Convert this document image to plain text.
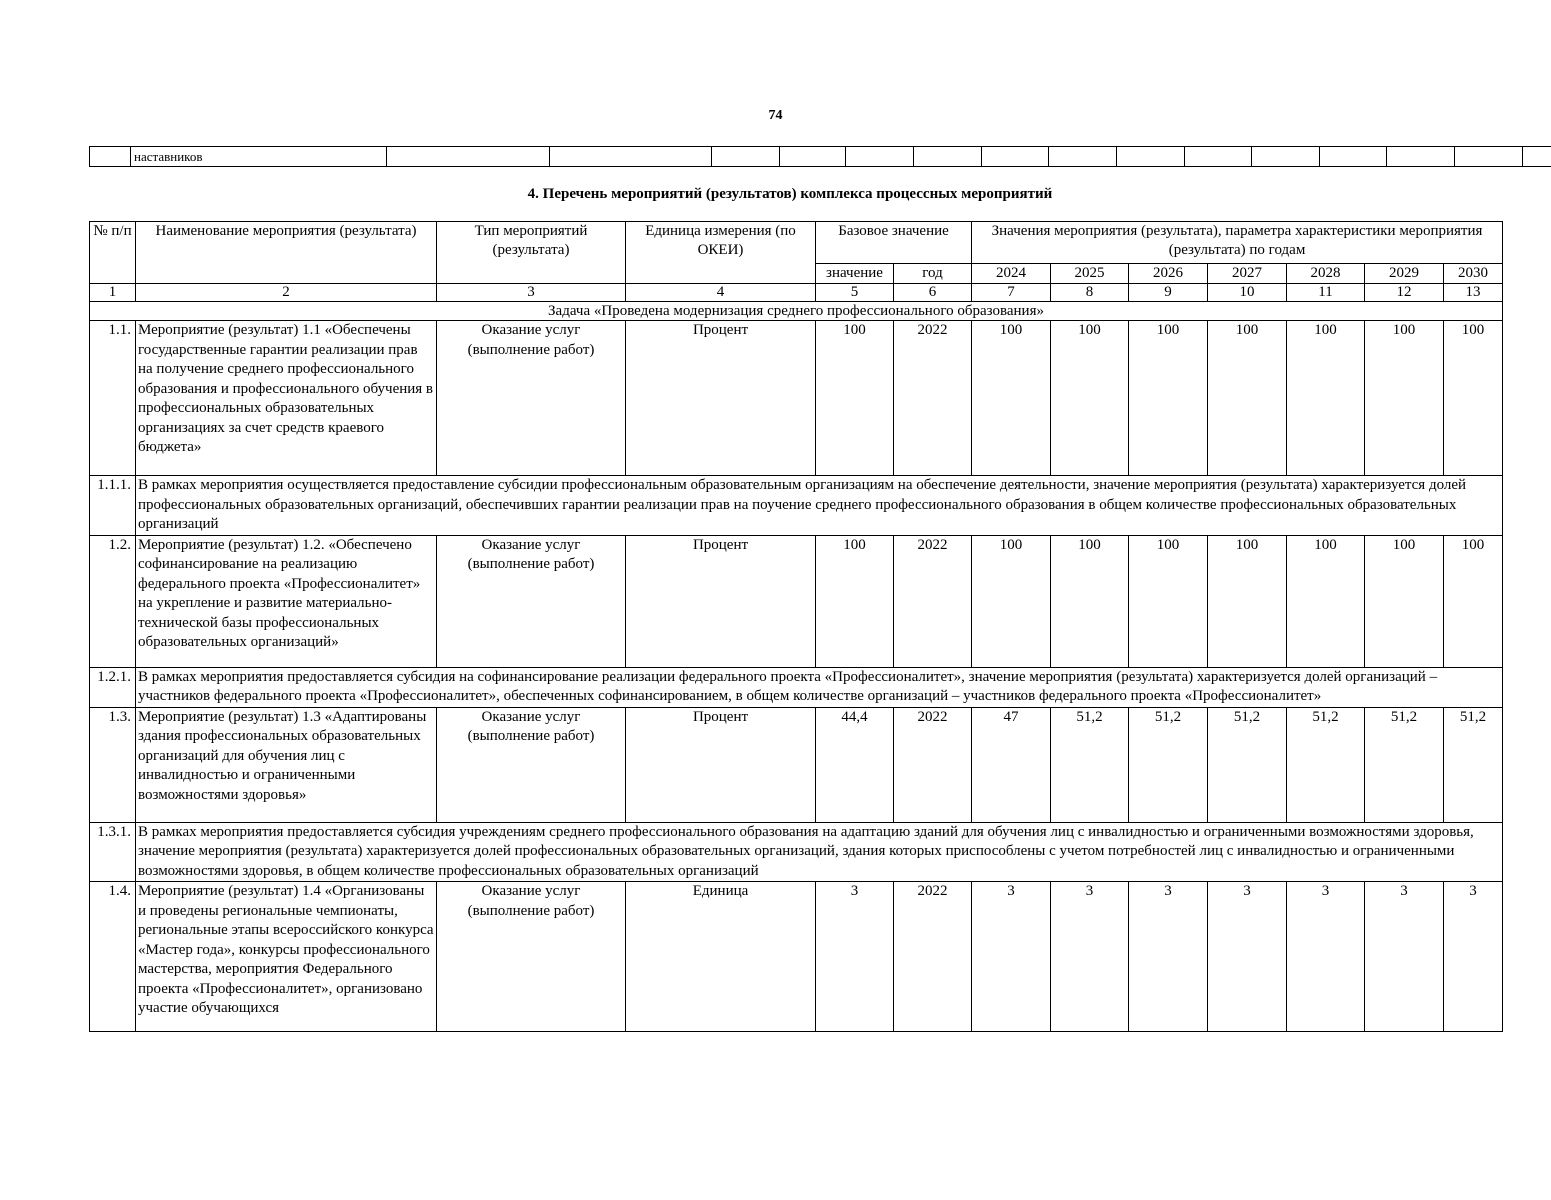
74
	наставников															
4. Перечень мероприятий (результатов) комплекса процессных мероприятий
№ п/п	Наименование мероприятия (результата)	Тип мероприятий (результата)	Единица измерения (по ОКЕИ)	Базовое значение		Значения мероприятия (результата), параметра характеристики мероприятия (результата) по годам						
				значение	год	2024	2025	2026	2027	2028	2029	2030
1	2	3	4	5	6	7	8	9	10	11	12	13
Задача «Проведена модернизация среднего профессионального образования»												
1.1.	Мероприятие (результат) 1.1 «Обеспечены государственные гарантии реализации прав на получение среднего профессионального образования и профессионального обучения в профессиональных образовательных организациях за счет средств краевого бюджета»	Оказание услуг (выполнение работ)	Процент	100	2022	100	100	100	100	100	100	100
1.1.1.	В рамках мероприятия осуществляется предоставление субсидии профессиональным образовательным организациям на обеспечение деятельности, значение мероприятия (результата) характеризуется долей профессиональных образовательных организаций, обеспечивших гарантии реализации прав на поучение среднего профессионального образования в общем количестве профессиональных образовательных организаций											
1.2.	Мероприятие (результат) 1.2. «Обеспечено софинансирование на реализацию федерального проекта «Профессионалитет» на укрепление и развитие материально-технической базы профессиональных образовательных организаций»	Оказание услуг (выполнение работ)	Процент	100	2022	100	100	100	100	100	100	100
1.2.1.	В рамках мероприятия предоставляется субсидия на софинансирование реализации федерального проекта «Профессионалитет», значение мероприятия (результата) характеризуется долей организаций – участников федерального проекта «Профессионалитет», обеспеченных софинансированием, в общем количестве организаций – участников федерального проекта «Профессионалитет»											
1.3.	Мероприятие (результат) 1.3 «Адаптированы здания профессиональных образовательных организаций для обучения лиц с инвалидностью и ограниченными возможностями здоровья»	Оказание услуг (выполнение работ)	Процент	44,4	2022	47	51,2	51,2	51,2	51,2	51,2	51,2
1.3.1.	В рамках мероприятия предоставляется субсидия учреждениям среднего профессионального образования на адаптацию зданий для обучения лиц с инвалидностью и ограниченными возможностями здоровья, значение мероприятия (результата) характеризуется долей профессиональных образовательных организаций, здания которых приспособлены с учетом потребностей лиц с инвалидностью и ограниченными возможностями здоровья, в общем количестве профессиональных образовательных организаций											
1.4.	Мероприятие (результат) 1.4 «Организованы и проведены региональные чемпионаты, региональные этапы всероссийского конкурса «Мастер года», конкурсы профессионального мастерства, мероприятия Федерального проекта «Профессионалитет», организовано участие обучающихся	Оказание услуг (выполнение работ)	Единица	3	2022	3	3	3	3	3	3	3
